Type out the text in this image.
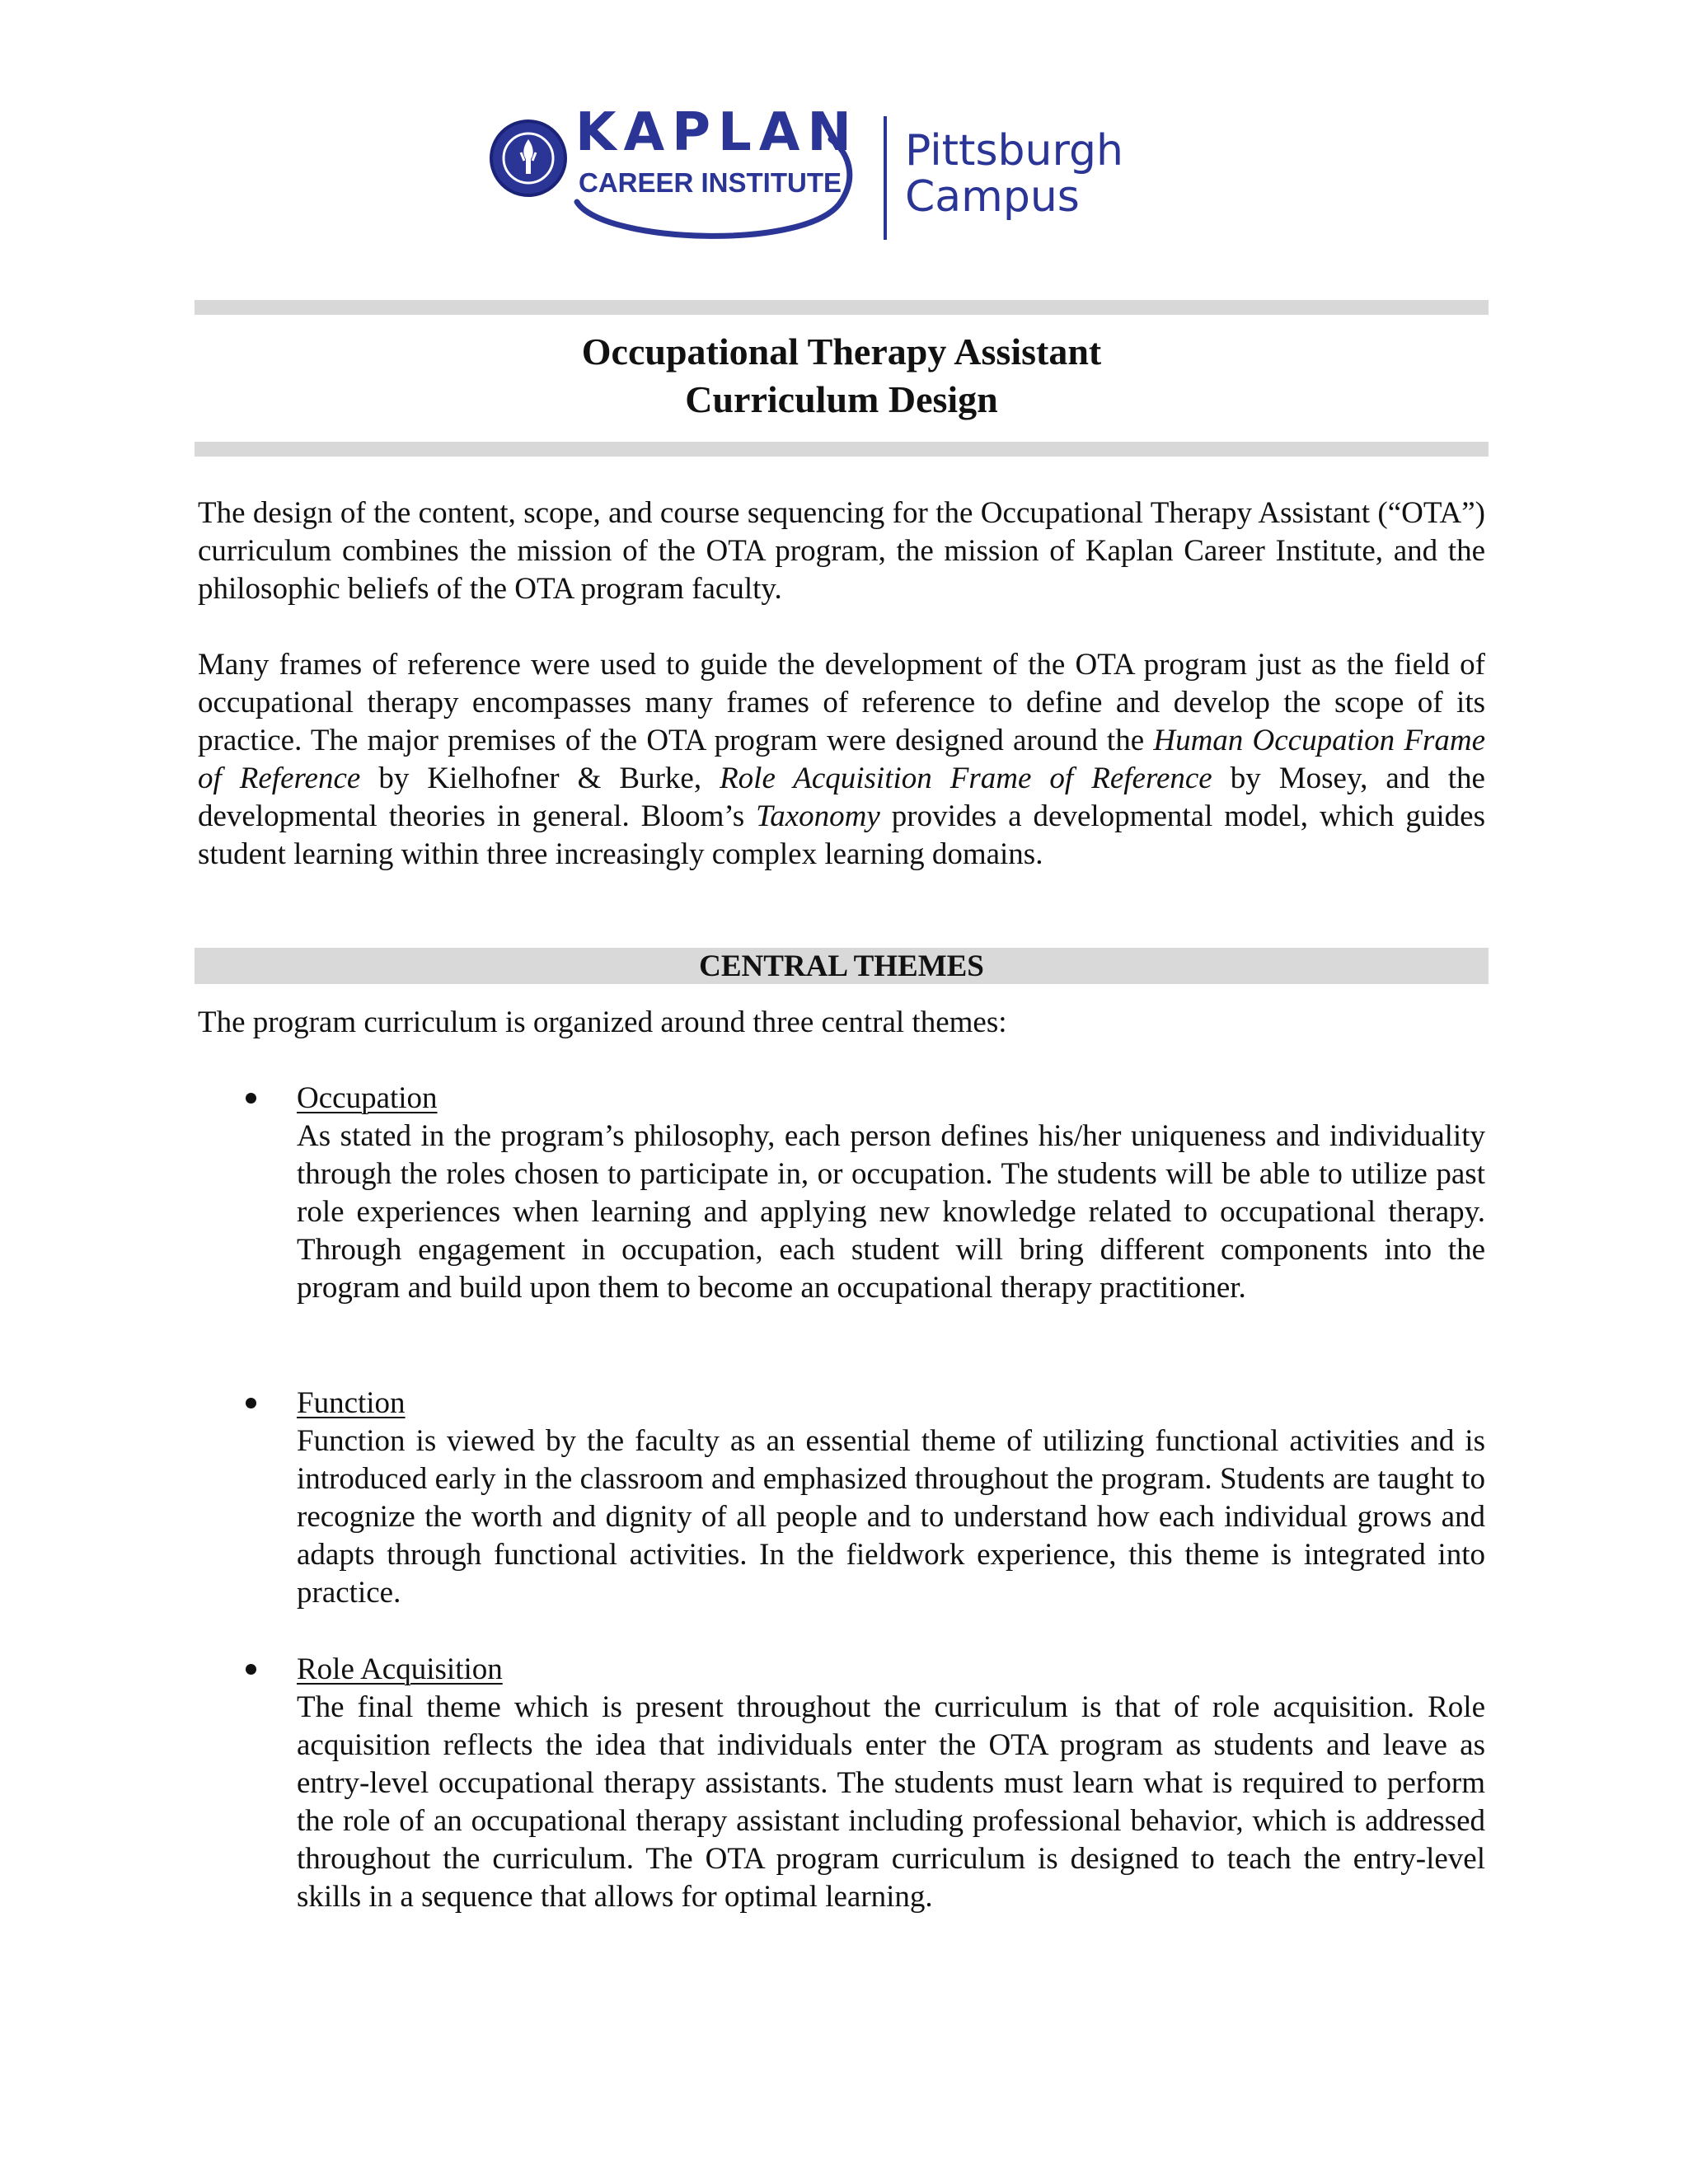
KAPLAN
CAREER INSTITUTE
Pittsburgh
Campus
Occupational Therapy Assistant
Curriculum Design

The design of the content, scope, and course sequencing for the Occupational Therapy Assistant (“OTA”) curriculum combines the mission of the OTA program, the mission of Kaplan Career Institute, and the philosophic beliefs of the OTA program faculty.

Many frames of reference were used to guide the development of the OTA program just as the field of occupational therapy encompasses many frames of reference to define and develop the scope of its practice. The major premises of the OTA program were designed around the Human Occupation Frame of Reference by Kielhofner & Burke, Role Acquisition Frame of Reference by Mosey, and the developmental theories in general. Bloom’s Taxonomy provides a developmental model, which guides student learning within three increasingly complex learning domains.

CENTRAL THEMES

The program curriculum is organized around three central themes:

Occupation

As stated in the program’s philosophy, each person defines his/her uniqueness and individuality through the roles chosen to participate in, or occupation. The students will be able to utilize past role experiences when learning and applying new knowledge related to occupational therapy. Through engagement in occupation, each student will bring different components into the program and build upon them to become an occupational therapy practitioner.

Function

Function is viewed by the faculty as an essential theme of utilizing functional activities and is introduced early in the classroom and emphasized throughout the program. Students are taught to recognize the worth and dignity of all people and to understand how each individual grows and adapts through functional activities. In the fieldwork experience, this theme is integrated into practice.

Role Acquisition

The final theme which is present throughout the curriculum is that of role acquisition. Role acquisition reflects the idea that individuals enter the OTA program as students and leave as entry-level occupational therapy assistants. The students must learn what is required to perform the role of an occupational therapy assistant including professional behavior, which is addressed throughout the curriculum. The OTA program curriculum is designed to teach the entry-level skills in a sequence that allows for optimal learning.
